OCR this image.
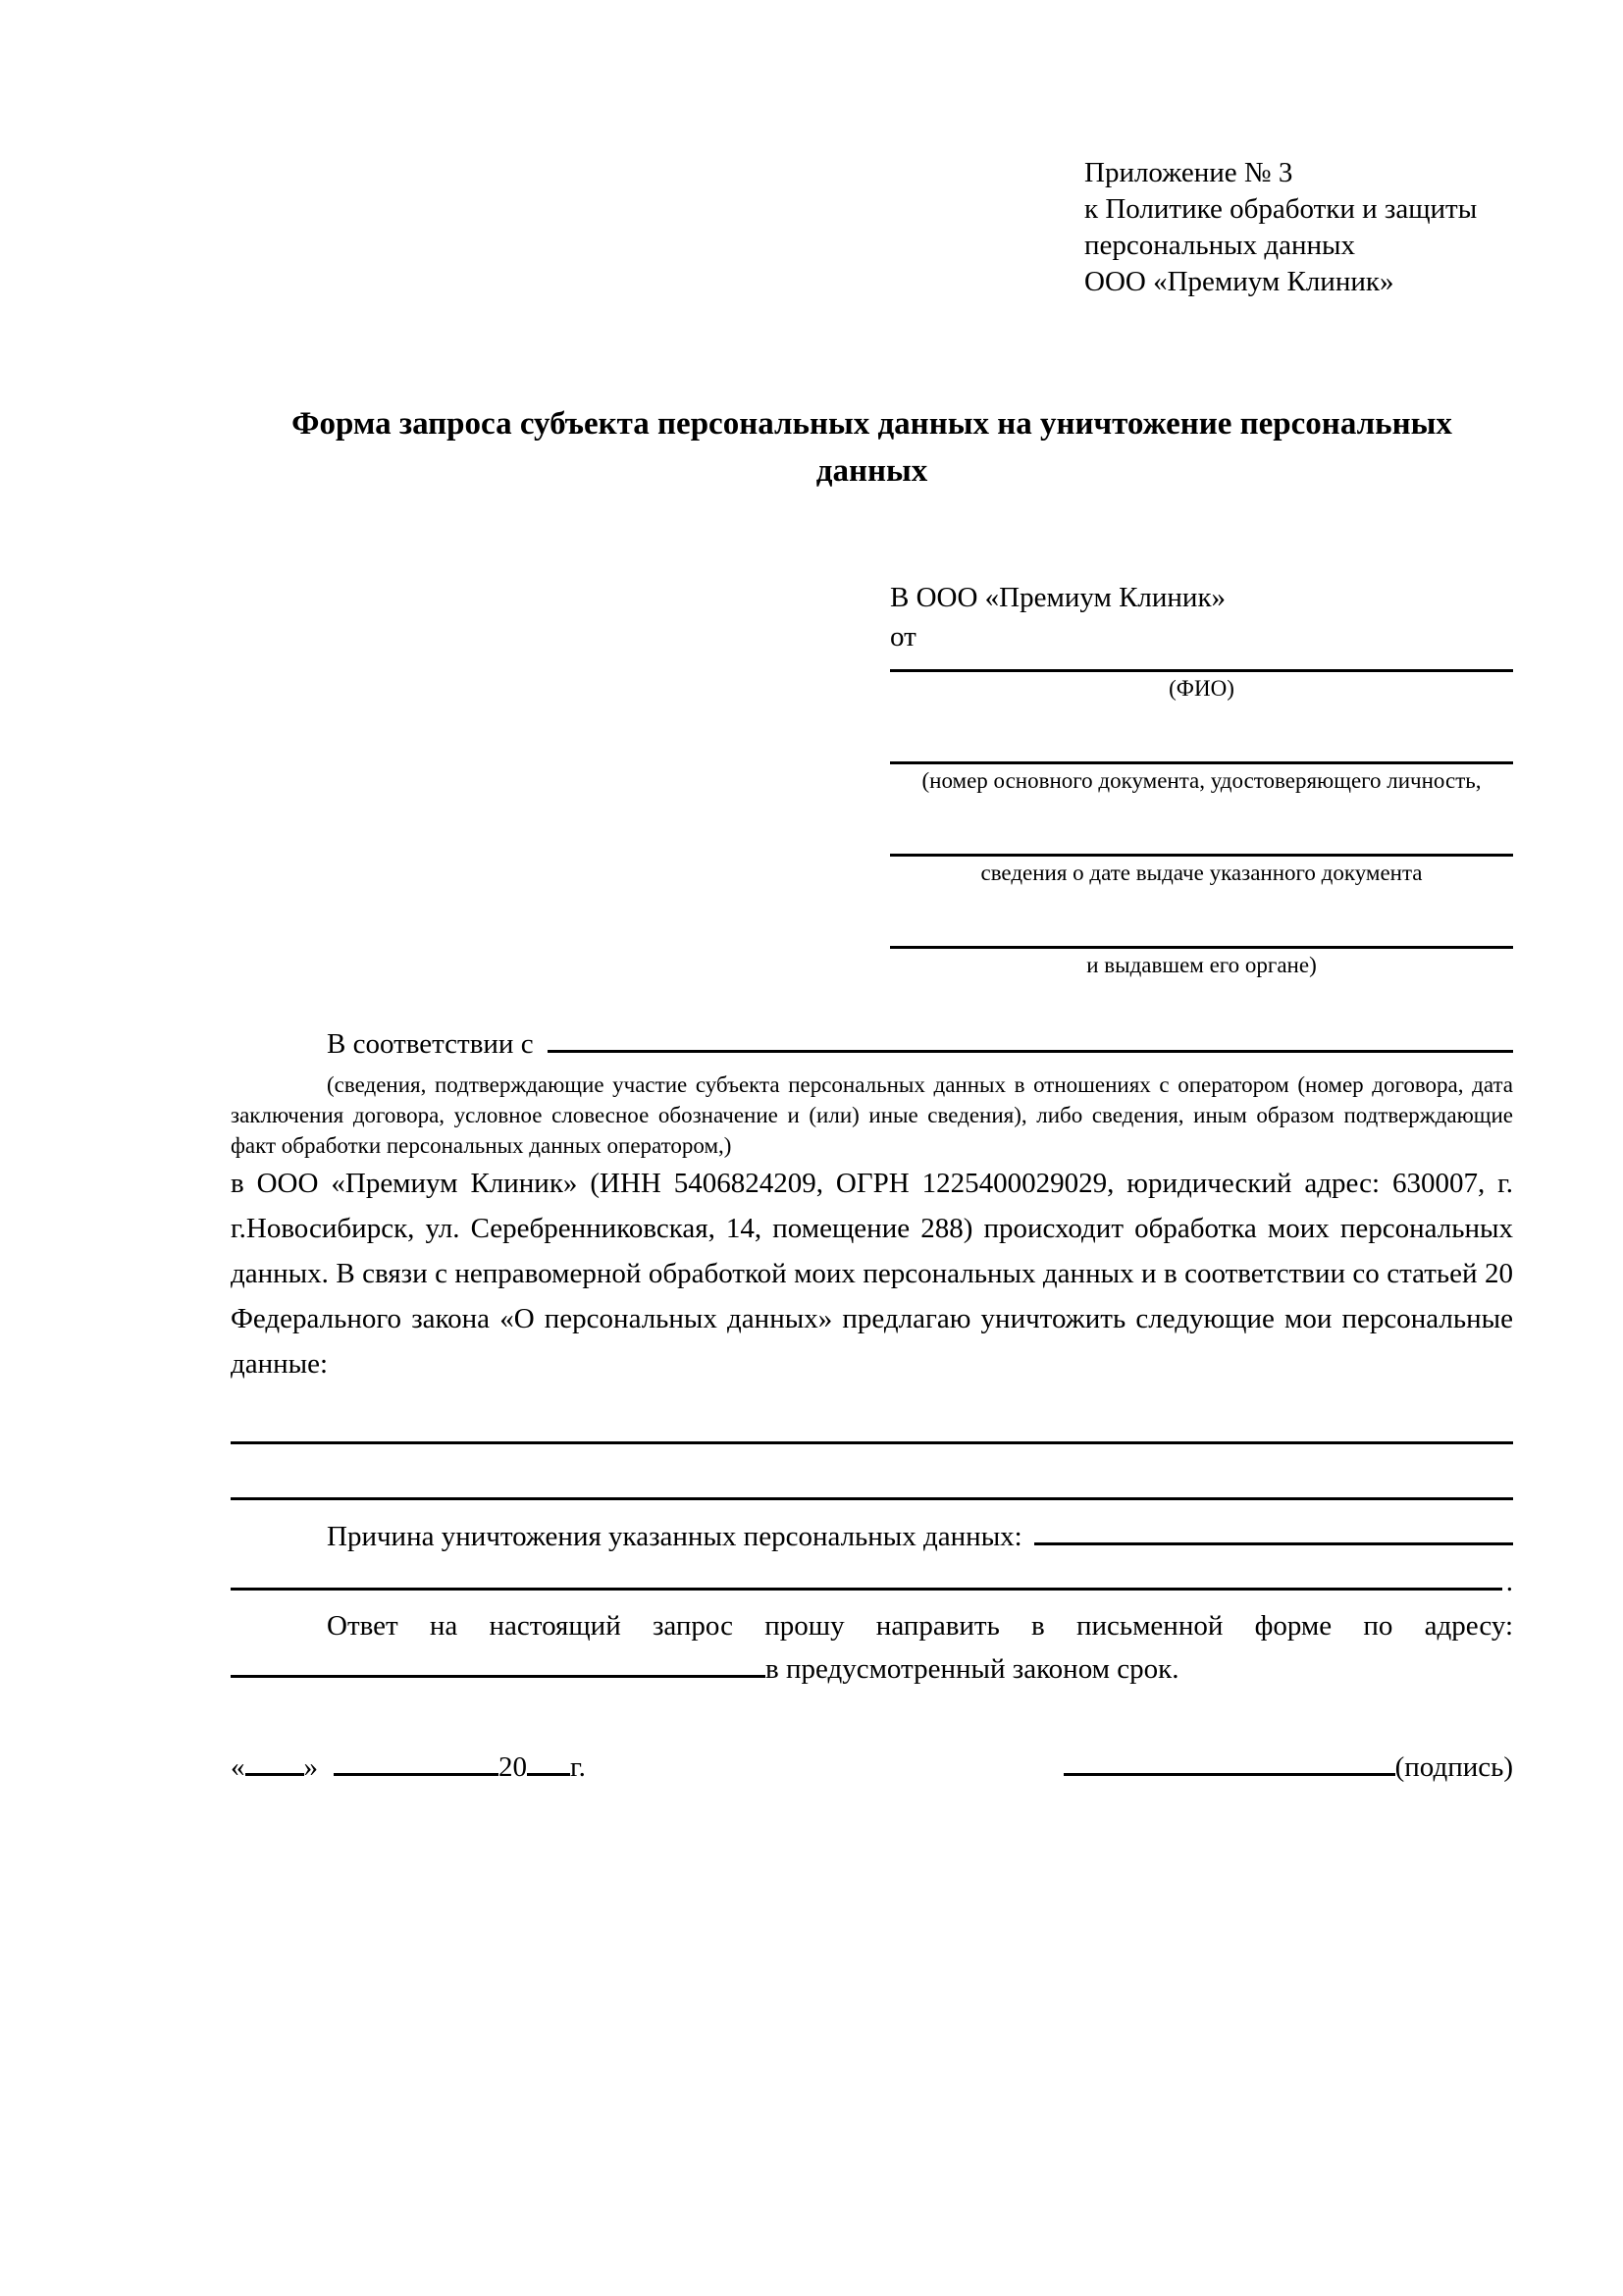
Приложение № 3
к Политике обработки и защиты
персональных данных
ООО «Премиум Клиник»
Форма запроса субъекта персональных данных на уничтожение персональных данных
В ООО «Премиум Клиник»
от
(ФИО)
(номер основного документа, удостоверяющего личность,
сведения о дате выдаче указанного документа
и выдавшем его органе)
В соответствии с
(сведения, подтверждающие участие субъекта персональных данных в отношениях с оператором (номер договора, дата заключения договора, условное словесное обозначение и (или) иные сведения), либо сведения, иным образом подтверждающие факт обработки персональных данных оператором,)
в ООО «Премиум Клиник» (ИНН 5406824209, ОГРН 1225400029029, юридический адрес: 630007, г. г.Новосибирск, ул. Серебренниковская, 14, помещение 288) происходит обработка моих персональных данных. В связи с неправомерной обработкой моих персональных данных и в соответствии со статьей 20 Федерального закона «О персональных данных» предлагаю уничтожить следующие мои персональные данные:
Причина уничтожения указанных персональных данных:
.
Ответ на настоящий запрос прошу направить в письменной форме по адресу:
в предусмотренный законом срок.
« »	20 г.	(подпись)
